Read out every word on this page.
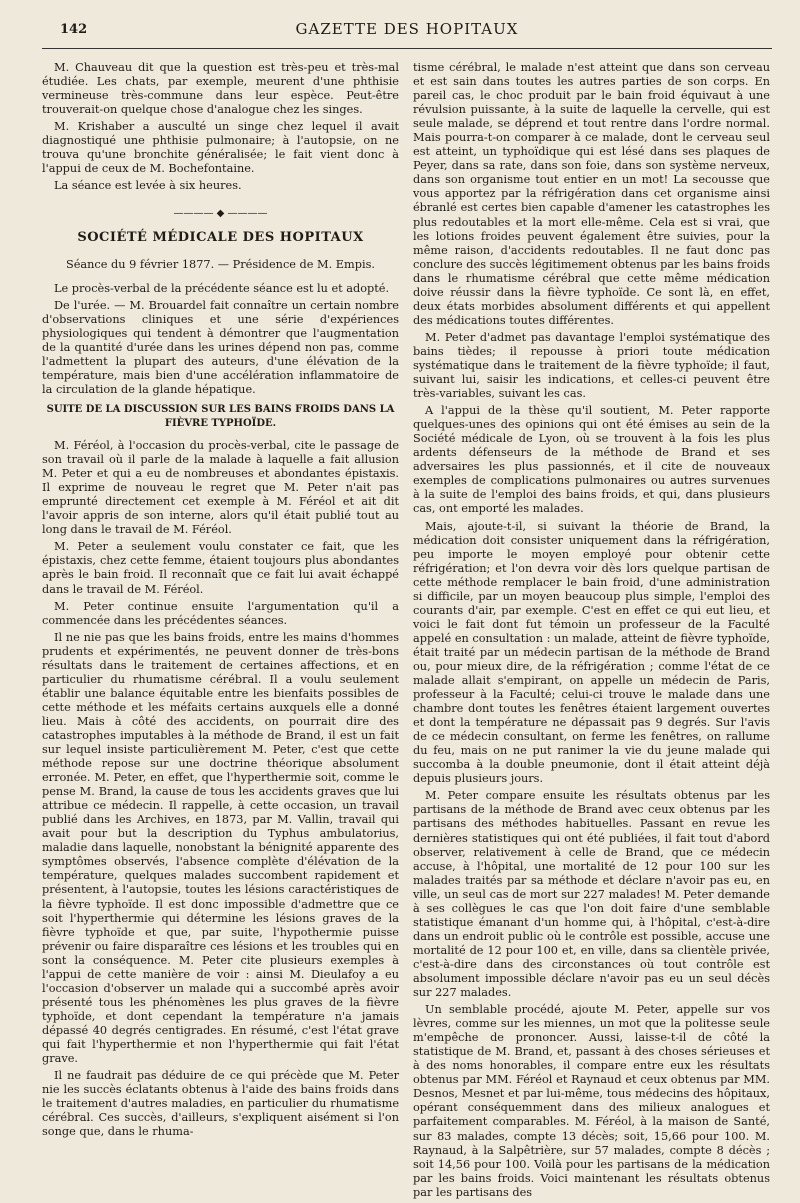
142	GAZETTE DES HOPITAUX

M. Chauveau dit que la question est très-peu et très-mal étudiée. Les chats, par exemple, meurent d'une phthisie vermineuse très-commune dans leur espèce. Peut-être trouverait-on quelque chose d'analogue chez les singes.

M. Krishaber a ausculté un singe chez lequel il avait diagnostiqué une phthisie pulmonaire; à l'autopsie, on ne trouva qu'une bronchite généralisée; le fait vient donc à l'appui de ceux de M. Bochefontaine.

La séance est levée à six heures.

———— ◆ ————
SOCIÉTÉ MÉDICALE DES HOPITAUX
Séance du 9 février 1877. — Présidence de M. Empis.

Le procès-verbal de la précédente séance est lu et adopté.

De l'urée. — M. Brouardel fait connaître un certain nombre d'observations cliniques et une série d'expériences physiologiques qui tendent à démontrer que l'augmentation de la quantité d'urée dans les urines dépend non pas, comme l'admettent la plupart des auteurs, d'une élévation de la température, mais bien d'une accélération inflammatoire de la circulation de la glande hépatique.

SUITE DE LA DISCUSSION SUR LES BAINS FROIDS DANS LA FIÈVRE TYPHOÏDE.

M. Féréol, à l'occasion du procès-verbal, cite le passage de son travail où il parle de la malade à laquelle a fait allusion M. Peter et qui a eu de nombreuses et abondantes épistaxis. Il exprime de nouveau le regret que M. Peter n'ait pas emprunté directement cet exemple à M. Féréol et ait dit l'avoir appris de son interne, alors qu'il était publié tout au long dans le travail de M. Féréol.

M. Peter a seulement voulu constater ce fait, que les épistaxis, chez cette femme, étaient toujours plus abondantes après le bain froid. Il reconnaît que ce fait lui avait échappé dans le travail de M. Féréol.

M. Peter continue ensuite l'argumentation qu'il a commencée dans les précédentes séances.

Il ne nie pas que les bains froids, entre les mains d'hommes prudents et expérimentés, ne peuvent donner de très-bons résultats dans le traitement de certaines affections, et en particulier du rhumatisme cérébral. Il a voulu seulement établir une balance équitable entre les bienfaits possibles de cette méthode et les méfaits certains auxquels elle a donné lieu. Mais à côté des accidents, on pourrait dire des catastrophes imputables à la méthode de Brand, il est un fait sur lequel insiste particulièrement M. Peter, c'est que cette méthode repose sur une doctrine théorique absolument erronée. M. Peter, en effet, que l'hyperthermie soit, comme le pense M. Brand, la cause de tous les accidents graves que lui attribue ce médecin. Il rappelle, à cette occasion, un travail publié dans les Archives, en 1873, par M. Vallin, travail qui avait pour but la description du Typhus ambulatorius, maladie dans laquelle, nonobstant la bénignité apparente des symptômes observés, l'absence complète d'élévation de la température, quelques malades succombent rapidement et présentent, à l'autopsie, toutes les lésions caractéristiques de la fièvre typhoïde. Il est donc impossible d'admettre que ce soit l'hyperthermie qui détermine les lésions graves de la fièvre typhoïde et que, par suite, l'hypothermie puisse prévenir ou faire disparaître ces lésions et les troubles qui en sont la conséquence. M. Peter cite plusieurs exemples à l'appui de cette manière de voir : ainsi M. Dieulafoy a eu l'occasion d'observer un malade qui a succombé après avoir présenté tous les phénomènes les plus graves de la fièvre typhoïde, et dont cependant la température n'a jamais dépassé 40 degrés centigrades. En résumé, c'est l'état grave qui fait l'hyperthermie et non l'hyperthermie qui fait l'état grave.

Il ne faudrait pas déduire de ce qui précède que M. Peter nie les succès éclatants obtenus à l'aide des bains froids dans le traitement d'autres maladies, en particulier du rhumatisme cérébral. Ces succès, d'ailleurs, s'expliquent aisément si l'on songe que, dans le rhuma-

tisme cérébral, le malade n'est atteint que dans son cerveau et est sain dans toutes les autres parties de son corps. En pareil cas, le choc produit par le bain froid équivaut à une révulsion puissante, à la suite de laquelle la cervelle, qui est seule malade, se déprend et tout rentre dans l'ordre normal. Mais pourra-t-on comparer à ce malade, dont le cerveau seul est atteint, un typhoïdique qui est lésé dans ses plaques de Peyer, dans sa rate, dans son foie, dans son système nerveux, dans son organisme tout entier en un mot! La secousse que vous apportez par la réfrigération dans cet organisme ainsi ébranlé est certes bien capable d'amener les catastrophes les plus redoutables et la mort elle-même. Cela est si vrai, que les lotions froides peuvent également être suivies, pour la même raison, d'accidents redoutables. Il ne faut donc pas conclure des succès légitimement obtenus par les bains froids dans le rhumatisme cérébral que cette même médication doive réussir dans la fièvre typhoïde. Ce sont là, en effet, deux états morbides absolument différents et qui appellent des médications toutes différentes.

M. Peter d'admet pas davantage l'emploi systématique des bains tièdes; il repousse à priori toute médication systématique dans le traitement de la fièvre typhoïde; il faut, suivant lui, saisir les indications, et celles-ci peuvent être très-variables, suivant les cas.

A l'appui de la thèse qu'il soutient, M. Peter rapporte quelques-unes des opinions qui ont été émises au sein de la Société médicale de Lyon, où se trouvent à la fois les plus ardents défenseurs de la méthode de Brand et ses adversaires les plus passionnés, et il cite de nouveaux exemples de complications pulmonaires ou autres survenues à la suite de l'emploi des bains froids, et qui, dans plusieurs cas, ont emporté les malades.

Mais, ajoute-t-il, si suivant la théorie de Brand, la médication doit consister uniquement dans la réfrigération, peu importe le moyen employé pour obtenir cette réfrigération; et l'on devra voir dès lors quelque partisan de cette méthode remplacer le bain froid, d'une administration si difficile, par un moyen beaucoup plus simple, l'emploi des courants d'air, par exemple. C'est en effet ce qui eut lieu, et voici le fait dont fut témoin un professeur de la Faculté appelé en consultation : un malade, atteint de fièvre typhoïde, était traité par un médecin partisan de la méthode de Brand ou, pour mieux dire, de la réfrigération ; comme l'état de ce malade allait s'empirant, on appelle un médecin de Paris, professeur à la Faculté; celui-ci trouve le malade dans une chambre dont toutes les fenêtres étaient largement ouvertes et dont la température ne dépassait pas 9 degrés. Sur l'avis de ce médecin consultant, on ferme les fenêtres, on rallume du feu, mais on ne put ranimer la vie du jeune malade qui succomba à la double pneumonie, dont il était atteint déjà depuis plusieurs jours.

M. Peter compare ensuite les résultats obtenus par les partisans de la méthode de Brand avec ceux obtenus par les partisans des méthodes habituelles. Passant en revue les dernières statistiques qui ont été publiées, il fait tout d'abord observer, relativement à celle de Brand, que ce médecin accuse, à l'hôpital, une mortalité de 12 pour 100 sur les malades traités par sa méthode et déclare n'avoir pas eu, en ville, un seul cas de mort sur 227 malades! M. Peter demande à ses collègues le cas que l'on doit faire d'une semblable statistique émanant d'un homme qui, à l'hôpital, c'est-à-dire dans un endroit public où le contrôle est possible, accuse une mortalité de 12 pour 100 et, en ville, dans sa clientèle privée, c'est-à-dire dans des circonstances où tout contrôle est absolument impossible déclare n'avoir pas eu un seul décès sur 227 malades.

Un semblable procédé, ajoute M. Peter, appelle sur vos lèvres, comme sur les miennes, un mot que la politesse seule m'empêche de prononcer. Aussi, laisse-t-il de côté la statistique de M. Brand, et, passant à des choses sérieuses et à des noms honorables, il compare entre eux les résultats obtenus par MM. Féréol et Raynaud et ceux obtenus par MM. Desnos, Mesnet et par lui-même, tous médecins des hôpitaux, opérant conséquemment dans des milieux analogues et parfaitement comparables. M. Féréol, à la maison de Santé, sur 83 malades, compte 13 décès; soit, 15,66 pour 100. M. Raynaud, à la Salpêtrière, sur 57 malades, compte 8 décès ; soit 14,56 pour 100. Voilà pour les partisans de la médication par les bains froids. Voici maintenant les résultats obtenus par les partisans des
